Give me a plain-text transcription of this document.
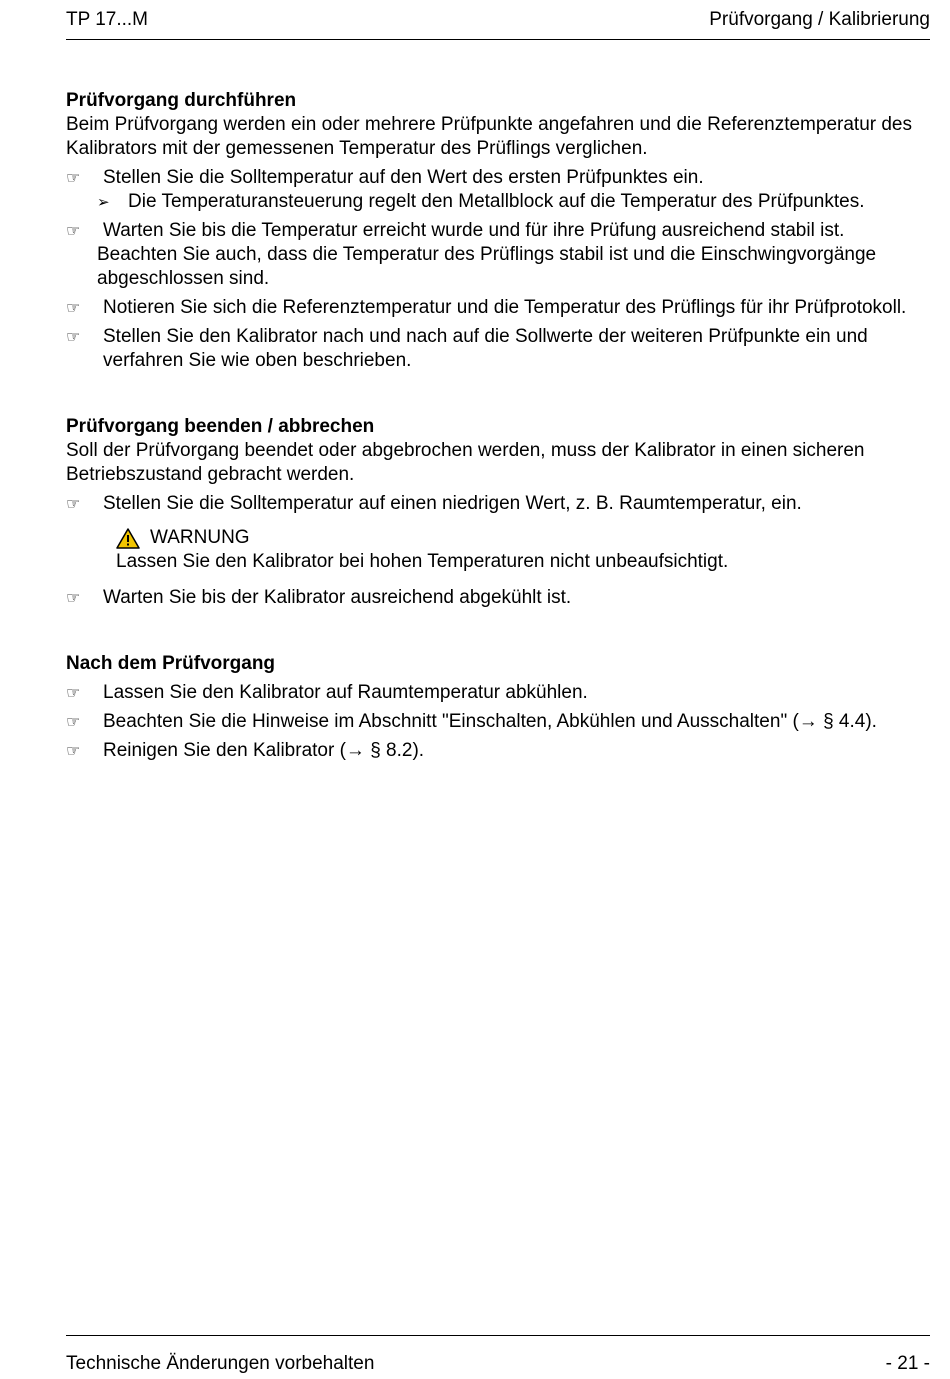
TP 17...M	Prüfvorgang / Kalibrierung
Prüfvorgang durchführen
Beim Prüfvorgang werden ein oder mehrere Prüfpunkte angefahren und die Referenztemperatur des Kalibrators mit der gemessenen Temperatur des Prüflings verglichen.
☞	Stellen Sie die Solltemperatur auf den Wert des ersten Prüfpunktes ein.
➢ Die Temperaturansteuerung regelt den Metallblock auf die Temperatur des Prüfpunktes.
☞	Warten Sie bis die Temperatur erreicht wurde und für ihre Prüfung ausreichend stabil ist.
Beachten Sie auch, dass die Temperatur des Prüflings stabil ist und die Einschwingvorgänge abgeschlossen sind.
☞	Notieren Sie sich die Referenztemperatur und die Temperatur des Prüflings für ihr Prüfprotokoll.
☞	Stellen Sie den Kalibrator nach und nach auf die Sollwerte der weiteren Prüfpunkte ein und verfahren Sie wie oben beschrieben.
Prüfvorgang beenden / abbrechen
Soll der Prüfvorgang beendet oder abgebrochen werden, muss der Kalibrator in einen sicheren Betriebszustand gebracht werden.
☞	Stellen Sie die Solltemperatur auf einen niedrigen Wert, z. B. Raumtemperatur, ein.
WARNUNG
Lassen Sie den Kalibrator bei hohen Temperaturen nicht unbeaufsichtigt.
☞	Warten Sie bis der Kalibrator ausreichend abgekühlt ist.
Nach dem Prüfvorgang
☞	Lassen Sie den Kalibrator auf Raumtemperatur abkühlen.
☞	Beachten Sie die Hinweise im Abschnitt "Einschalten, Abkühlen und Ausschalten" (→ § 4.4).
☞	Reinigen Sie den Kalibrator (→ § 8.2).
Technische Änderungen vorbehalten	- 21 -
